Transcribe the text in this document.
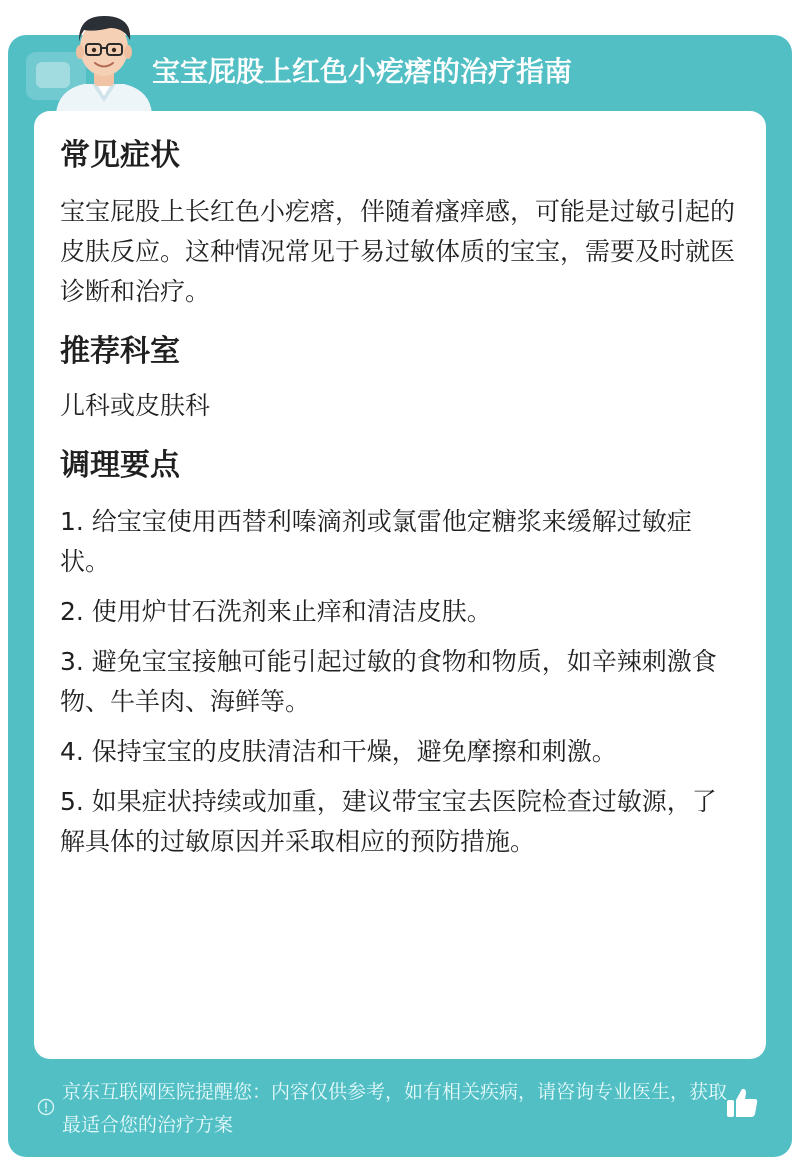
宝宝屁股上红色小疙瘩的治疗指南
常见症状

宝宝屁股上长红色小疙瘩，伴随着瘙痒感，可能是过敏引起的皮肤反应。这种情况常见于易过敏体质的宝宝，需要及时就医诊断和治疗。

推荐科室

儿科或皮肤科

调理要点

1. 给宝宝使用西替利嗪滴剂或氯雷他定糖浆来缓解过敏症状。

2. 使用炉甘石洗剂来止痒和清洁皮肤。

3. 避免宝宝接触可能引起过敏的食物和物质，如辛辣刺激食物、牛羊肉、海鲜等。

4. 保持宝宝的皮肤清洁和干燥，避免摩擦和刺激。

5. 如果症状持续或加重，建议带宝宝去医院检查过敏源，了解具体的过敏原因并采取相应的预防措施。

京东互联网医院提醒您：内容仅供参考，如有相关疾病，请咨询专业医生，获取最适合您的治疗方案
